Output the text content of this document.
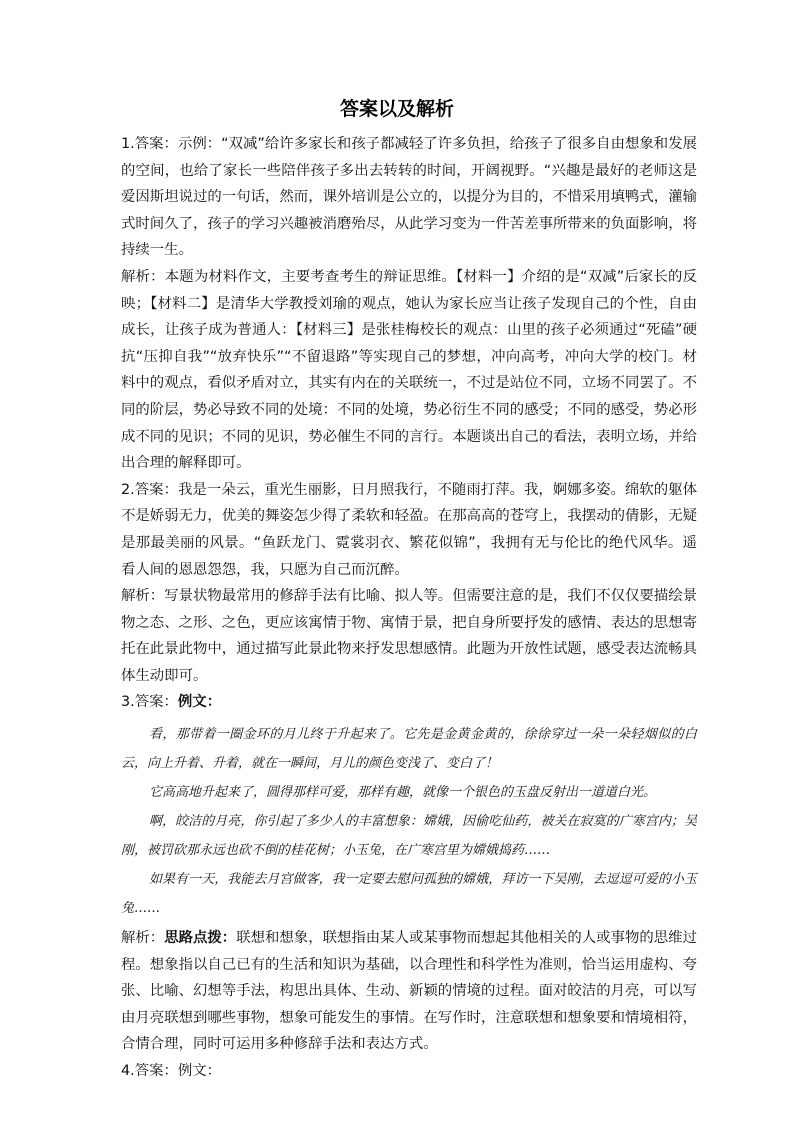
答案以及解析

1.答案：示例：“双减”给许多家长和孩子都减轻了许多负担，给孩子了很多自由想象和发展的空间，也给了家长一些陪伴孩子多出去转转的时间，开阔视野。“兴趣是最好的老师这是爱因斯坦说过的一句话，然而，课外培训是公立的，以提分为目的，不惜采用填鸭式，灌输式时间久了，孩子的学习兴趣被消磨殆尽，从此学习变为一件苦差事所带来的负面影响，将持续一生。

解析：本题为材料作文，主要考查考生的辩证思维。【材料一】介绍的是“双减”后家长的反映；【材料二】是清华大学教授刘瑜的观点，她认为家长应当让孩子发现自己的个性，自由成长，让孩子成为普通人：【材料三】是张桂梅校长的观点：山里的孩子必须通过“死磕”硬抗“压抑自我”“放弃快乐”“不留退路”等实现自己的梦想，冲向高考，冲向大学的校门。材料中的观点，看似矛盾对立，其实有内在的关联统一，不过是站位不同，立场不同罢了。不同的阶层，势必导致不同的处境：不同的处境，势必衍生不同的感受；不同的感受，势必形成不同的见识；不同的见识，势必催生不同的言行。本题谈出自己的看法，表明立场，并给出合理的解释即可。

2.答案：我是一朵云，重光生丽影，日月照我行，不随雨打萍。我，婀娜多姿。绵软的躯体不是娇弱无力，优美的舞姿怎少得了柔软和轻盈。在那高高的苍穹上，我摆动的倩影，无疑是那最美丽的风景。“鱼跃龙门、霓裳羽衣、繁花似锦”，我拥有无与伦比的绝代风华。遥看人间的恩恩怨怨，我，只愿为自己而沉醉。

解析：写景状物最常用的修辞手法有比喻、拟人等。但需要注意的是，我们不仅仅要描绘景物之态、之形、之色，更应该寓情于物、寓情于景，把自身所要抒发的感情、表达的思想寄托在此景此物中，通过描写此景此物来抒发思想感情。此题为开放性试题，感受表达流畅具体生动即可。

3.答案：例文：

看，那带着一圈金环的月儿终于升起来了。它先是金黄金黄的，徐徐穿过一朵一朵轻烟似的白云，向上升着、升着，就在一瞬间，月儿的颜色变浅了、变白了！

它高高地升起来了，圆得那样可爱，那样有趣，就像一个银色的玉盘反射出一道道白光。

啊，皎洁的月亮，你引起了多少人的丰富想象：嫦娥，因偷吃仙药，被关在寂寞的广寒宫内；吴刚，被罚砍那永远也砍不倒的桂花树；小玉兔，在广寒宫里为嫦娥捣药……

如果有一天，我能去月宫做客，我一定要去慰问孤独的嫦娥，拜访一下吴刚，去逗逗可爱的小玉兔……

解析：思路点拨：联想和想象，联想指由某人或某事物而想起其他相关的人或事物的思维过程。想象指以自己已有的生活和知识为基础，以合理性和科学性为准则，恰当运用虚构、夸张、比喻、幻想等手法，构思出具体、生动、新颖的情境的过程。面对皎洁的月亮，可以写由月亮联想到哪些事物，想象可能发生的事情。在写作时，注意联想和想象要和情境相符，合情合理，同时可运用多种修辞手法和表达方式。

4.答案：例文：
